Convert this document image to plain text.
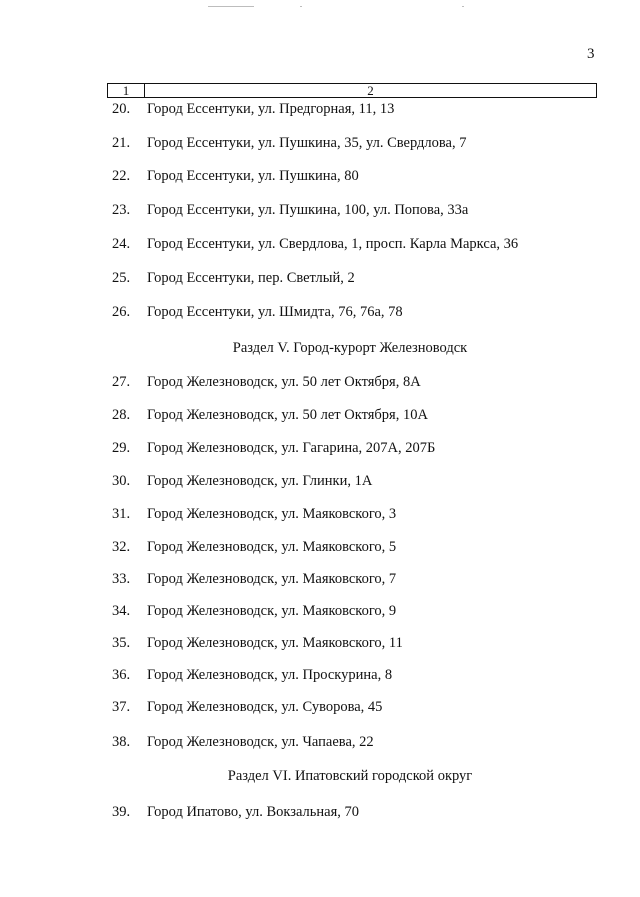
3
1	2
20. Город Ессентуки, ул. Предгорная, 11, 13
21. Город Ессентуки, ул. Пушкина, 35, ул. Свердлова, 7
22. Город Ессентуки, ул. Пушкина, 80
23. Город Ессентуки, ул. Пушкина, 100, ул. Попова, 33а
24. Город Ессентуки, ул. Свердлова, 1, просп. Карла Маркса, 36
25. Город Ессентуки, пер. Светлый, 2
26. Город Ессентуки, ул. Шмидта, 76, 76а, 78
Раздел V. Город-курорт Железноводск
27. Город Железноводск, ул. 50 лет Октября, 8А
28. Город Железноводск, ул. 50 лет Октября, 10А
29. Город Железноводск, ул. Гагарина, 207А, 207Б
30. Город Железноводск, ул. Глинки, 1А
31. Город Железноводск, ул. Маяковского, 3
32. Город Железноводск, ул. Маяковского, 5
33. Город Железноводск, ул. Маяковского, 7
34. Город Железноводск, ул. Маяковского, 9
35. Город Железноводск, ул. Маяковского, 11
36. Город Железноводск, ул. Проскурина, 8
37. Город Железноводск, ул. Суворова, 45
38. Город Железноводск, ул. Чапаева, 22
Раздел VI. Ипатовский городской округ
39. Город Ипатово, ул. Вокзальная, 70
